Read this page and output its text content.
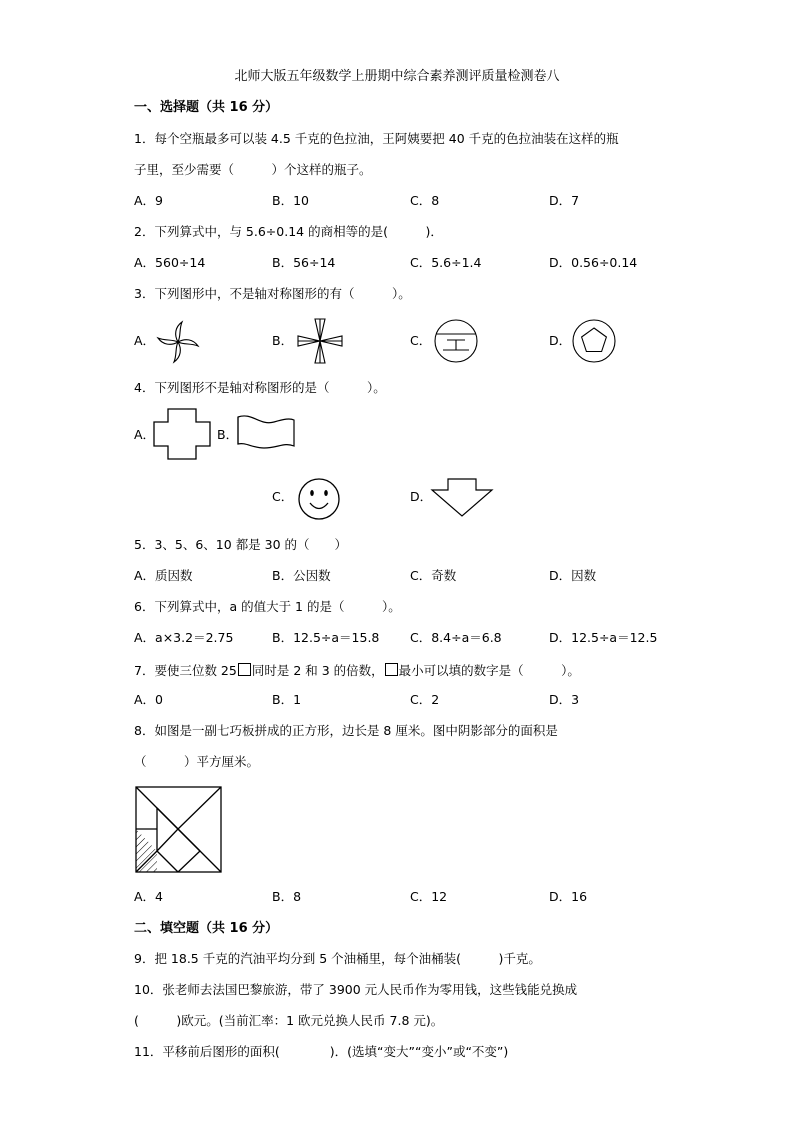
北师大版五年级数学上册期中综合素养测评质量检测卷八
一、选择题（共 16 分）
1．每个空瓶最多可以装 4.5 千克的色拉油，王阿姨要把 40 千克的色拉油装在这样的瓶
子里，至少需要（　　　）个这样的瓶子。
A．9	B．10	C．8	D．7
2．下列算式中，与 5.6÷0.14 的商相等的是(　　　)．
A．560÷14	B．56÷14	C．5.6÷1.4	D．0.56÷0.14
3．下列图形中，不是轴对称图形的有（　　　）。
A．	B．	C．	D．
4．下列图形不是轴对称图形的是（　　　）。
A．	B．
C．	D．
5．3、5、6、10 都是 30 的（　　）
A．质因数	B．公因数	C．奇数	D．因数
6．下列算式中，a 的值大于 1 的是（　　　）。
A．a×3.2＝2.75	B．12.5÷a＝15.8 C．8.4÷a＝6.8	D．12.5÷a＝12.5
7．要使三位数 25 同时是 2 和 3 的倍数， 最小可以填的数字是（　　　）。
A．0	B．1	C．2	D．3
8．如图是一副七巧板拼成的正方形，边长是 8 厘米。图中阴影部分的面积是
（　　　）平方厘米。
A．4	B．8	C．12	D．16
二、填空题（共 16 分）
9．把 18.5 千克的汽油平均分到 5 个油桶里，每个油桶装(　　　)千克。
10．张老师去法国巴黎旅游，带了 3900 元人民币作为零用钱，这些钱能兑换成
(　　　)欧元。(当前汇率：1 欧元兑换人民币 7.8 元)。
11．平移前后图形的面积(　　　　)．(选填“变大”“变小”或“不变”)
